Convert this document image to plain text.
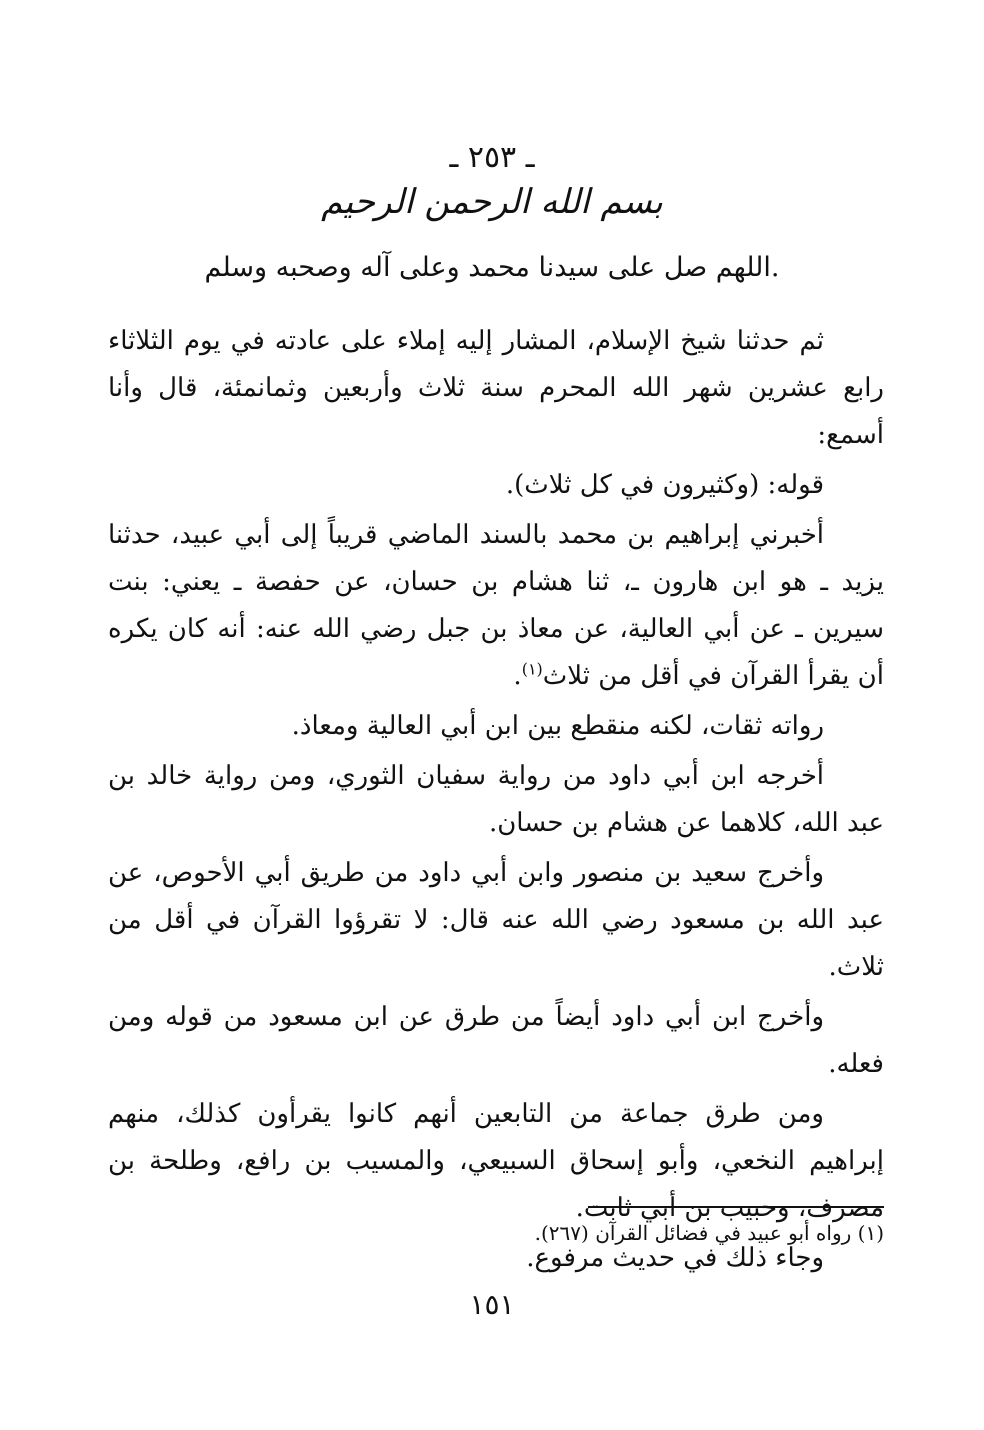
ـ ٢٥٣ ـ
بسم الله الرحمن الرحيم
اللهم صل على سيدنا محمد وعلى آله وصحبه وسلم.

ثم حدثنا شيخ الإسلام، المشار إليه إملاء على عادته في يوم الثلاثاء رابع عشرين شهر الله المحرم سنة ثلاث وأربعين وثمانمئة، قال وأنا أسمع:

قوله: (وكثيرون في كل ثلاث).

أخبرني إبراهيم بن محمد بالسند الماضي قريباً إلى أبي عبيد، حدثنا يزيد ـ هو ابن هارون ـ، ثنا هشام بن حسان، عن حفصة ـ يعني: بنت سيرين ـ عن أبي العالية، عن معاذ بن جبل رضي الله عنه: أنه كان يكره أن يقرأ القرآن في أقل من ثلاث$^{(١)}$.

رواته ثقات، لكنه منقطع بين ابن أبي العالية ومعاذ.

أخرجه ابن أبي داود من رواية سفيان الثوري، ومن رواية خالد بن عبد الله، كلاهما عن هشام بن حسان.

وأخرج سعيد بن منصور وابن أبي داود من طريق أبي الأحوص، عن عبد الله بن مسعود رضي الله عنه قال: لا تقرؤوا القرآن في أقل من ثلاث.

وأخرج ابن أبي داود أيضاً من طرق عن ابن مسعود من قوله ومن فعله.

ومن طرق جماعة من التابعين أنهم كانوا يقرأون كذلك، منهم إبراهيم النخعي، وأبو إسحاق السبيعي، والمسيب بن رافع، وطلحة بن مصرف، وحبيب بن أبي ثابت.

وجاء ذلك في حديث مرفوع.

(١) رواه أبو عبيد في فضائل القرآن (٢٦٧).
١٥١
